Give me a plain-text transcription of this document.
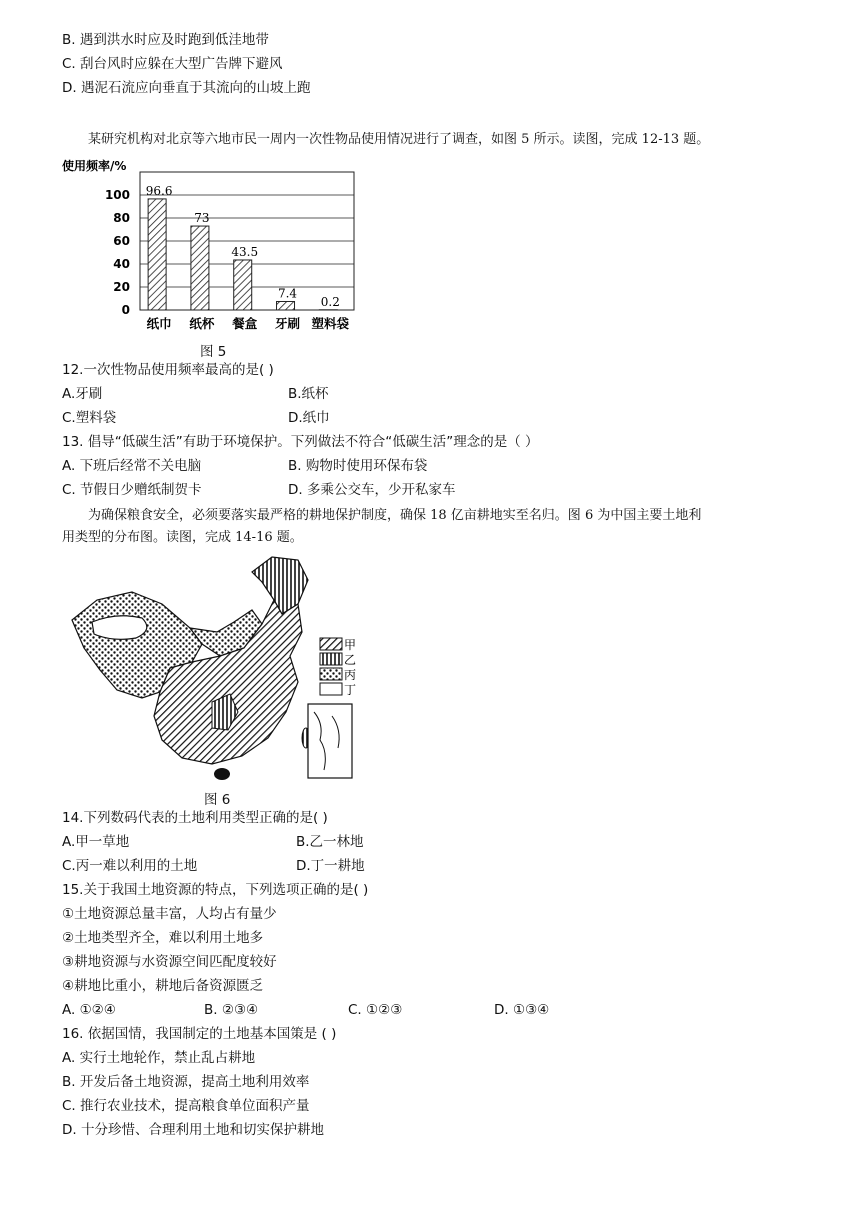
B. 遇到洪水时应及时跑到低洼地带
C. 刮台风时应躲在大型广告牌下避风
D. 遇泥石流应向垂直于其流向的山坡上跑
某研究机构对北京等六地市民一周内一次性物品使用情况进行了调查，如图 5 所示。读图，完成 12-13 题。
使用频率/%
0
20
40
60
80
100 96.6
73
43.5
7.4
0.2
纸巾 纸杯 餐盒 牙刷 塑料袋
图 5
12.一次性物品使用频率最高的是( )
A.牙刷	B.纸杯
C.塑料袋	D.纸巾
13. 倡导“低碳生活”有助于环境保护。下列做法不符合“低碳生活”理念的是（ ）
A. 下班后经常不关电脑	B. 购物时使用环保布袋
C. 节假日少赠纸制贺卡	D. 多乘公交车，少开私家车
为确保粮食安全，必须要落实最严格的耕地保护制度，确保 18 亿亩耕地实至名归。图 6 为中国主要土地利
用类型的分布图。读图，完成 14-16 题。
甲
乙
丙
丁
图 6
14.下列数码代表的土地利用类型正确的是( )
A.甲一草地	B.乙一林地
C.丙一难以利用的土地	D.丁一耕地
15.关于我国土地资源的特点，下列选项正确的是( )
①土地资源总量丰富，人均占有量少
②土地类型齐全，难以利用土地多
③耕地资源与水资源空间匹配度较好
④耕地比重小，耕地后备资源匮乏
A. ①②④	B. ②③④	C. ①②③	D. ①③④
16. 依据国情，我国制定的土地基本国策是 ( )
A. 实行土地轮作，禁止乱占耕地
B. 开发后备土地资源，提高土地利用效率
C. 推行农业技术，提高粮食单位面积产量
D. 十分珍惜、合理利用土地和切实保护耕地
